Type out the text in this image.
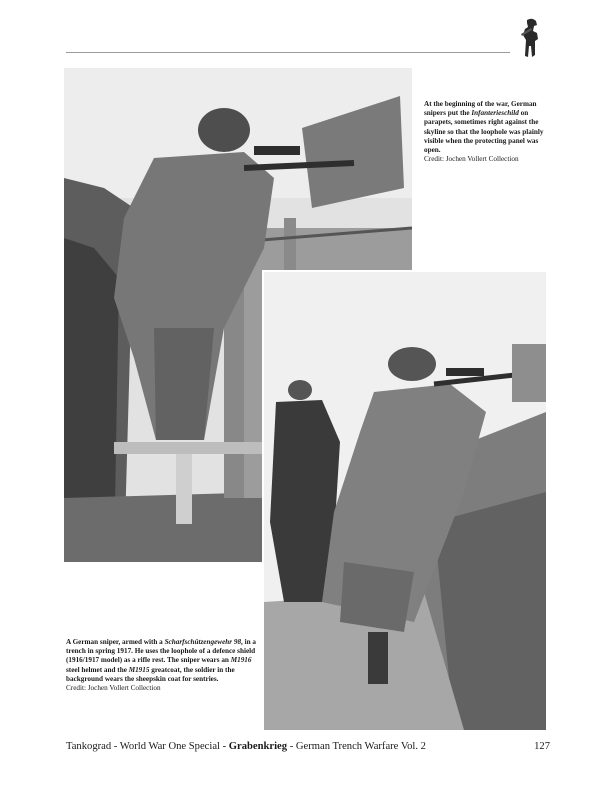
At the beginning of the war, German snipers put the Infanterieschild on parapets, sometimes right against the skyline so that the loophole was plainly visible when the protecting panel was open.
Credit: Jochen Vollert Collection
A German sniper, armed with a Scharfschützengewehr 98, in a trench in spring 1917. He uses the loophole of a defence shield (1916/1917 model) as a rifle rest. The sniper wears an M1916 steel helmet and the M1915 greatcoat, the soldier in the background wears the sheepskin coat for sentries.
Credit: Jochen Vollert Collection
Tankograd - World War One Special - Grabenkrieg - German Trench Warfare Vol. 2	127
